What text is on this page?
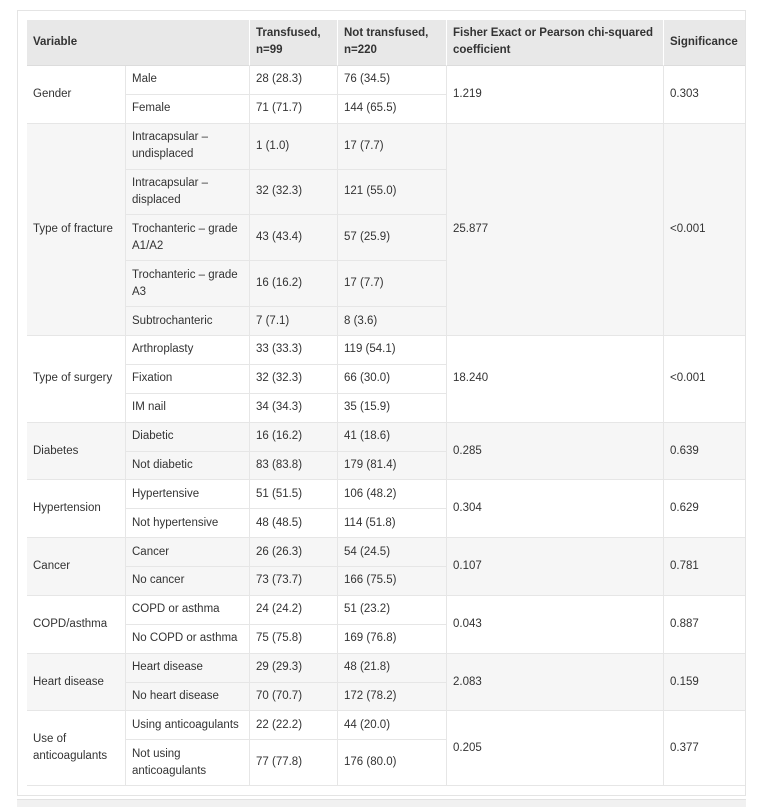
Variable		Transfused, n=99	Not transfused, n=220	Fisher Exact or Pearson chi-squared coefficient	Significance
Gender	Male	28 (28.3)	76 (34.5)	1.219	0.303
	Female	71 (71.7)	144 (65.5)		
Type of fracture	Intracapsular – undisplaced	1 (1.0)	17 (7.7)	25.877	<0.001
	Intracapsular – displaced	32 (32.3)	121 (55.0)		
	Trochanteric – grade A1/A2	43 (43.4)	57 (25.9)		
	Trochanteric – grade A3	16 (16.2)	17 (7.7)		
	Subtrochanteric	7 (7.1)	8 (3.6)		
Type of surgery	Arthroplasty	33 (33.3)	119 (54.1)	18.240	<0.001
	Fixation	32 (32.3)	66 (30.0)		
	IM nail	34 (34.3)	35 (15.9)		
Diabetes	Diabetic	16 (16.2)	41 (18.6)	0.285	0.639
	Not diabetic	83 (83.8)	179 (81.4)		
Hypertension	Hypertensive	51 (51.5)	106 (48.2)	0.304	0.629
	Not hypertensive	48 (48.5)	114 (51.8)		
Cancer	Cancer	26 (26.3)	54 (24.5)	0.107	0.781
	No cancer	73 (73.7)	166 (75.5)		
COPD/asthma	COPD or asthma	24 (24.2)	51 (23.2)	0.043	0.887
	No COPD or asthma	75 (75.8)	169 (76.8)		
Heart disease	Heart disease	29 (29.3)	48 (21.8)	2.083	0.159
	No heart disease	70 (70.7)	172 (78.2)		
Use of anticoagulants	Using anticoagulants	22 (22.2)	44 (20.0)	0.205	0.377
	Not using anticoagulants	77 (77.8)	176 (80.0)		
